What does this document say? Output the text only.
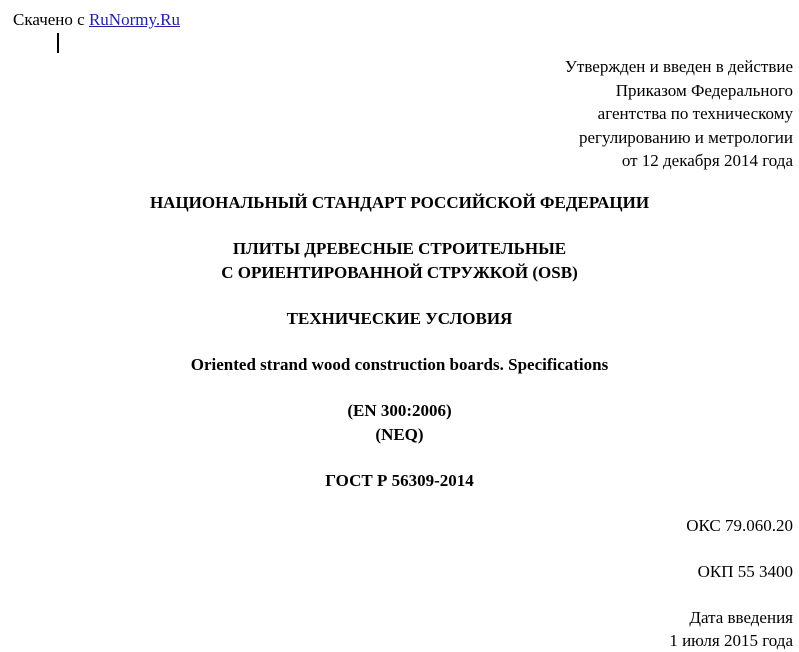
Скачено с RuNormy.Ru
Утвержден и введен в действие
Приказом Федерального
агентства по техническому
регулированию и метрологии
от 12 декабря 2014 года
НАЦИОНАЛЬНЫЙ СТАНДАРТ РОССИЙСКОЙ ФЕДЕРАЦИИ
ПЛИТЫ ДРЕВЕСНЫЕ СТРОИТЕЛЬНЫЕ
С ОРИЕНТИРОВАННОЙ СТРУЖКОЙ (OSB)
ТЕХНИЧЕСКИЕ УСЛОВИЯ
Oriented strand wood construction boards. Specifications
(EN 300:2006)
(NEQ)
ГОСТ Р 56309-2014
ОКС 79.060.20
ОКП 55 3400
Дата введения
1 июля 2015 года
